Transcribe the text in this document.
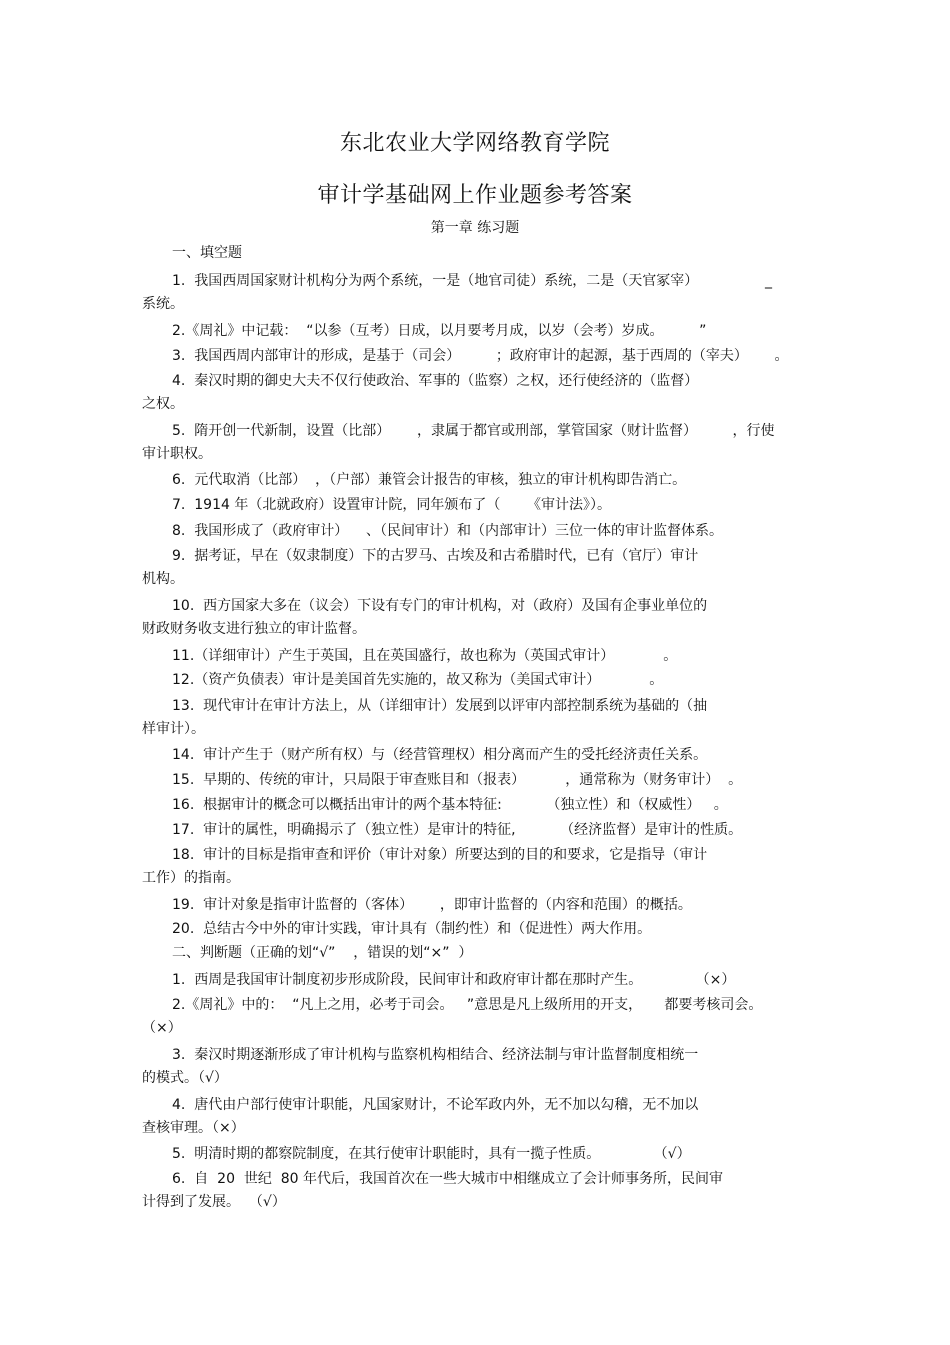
东北农业大学网络教育学院
审计学基础网上作业题参考答案
第一章 练习题
一、填空题
1.  我国西周国家财计机构分为两个系统，一是（地官司徒）系统，二是（天官冢宰）               _
系统。
2.《周礼》中记载：  “以参（互考）日成，以月要考月成，以岁（会考）岁成。        ”
3.  我国西周内部审计的形成，是基于（司会）        ；政府审计的起源，基于西周的（宰夫）      。
4.  秦汉时期的御史大夫不仅行使政治、军事的（监察）之权，还行使经济的（监督）
之权。
5.  隋开创一代新制，设置（比部）      ，隶属于都官或刑部，掌管国家（财计监督）        ，行使
审计职权。
6.  元代取消（比部）  ，（户部）兼管会计报告的审核，独立的审计机构即告消亡。
7.  1914 年（北就政府）设置审计院，同年颁布了（      《审计法》）。
8.  我国形成了（政府审计）    、（民间审计）和（内部审计）三位一体的审计监督体系。
9.  据考证，早在（奴隶制度）下的古罗马、古埃及和古希腊时代，已有（官厅）审计
机构。
10.  西方国家大多在（议会）下设有专门的审计机构，对（政府）及国有企事业单位的
财政财务收支进行独立的审计监督。
11.（详细审计）产生于英国，且在英国盛行，故也称为（英国式审计）           。
12.（资产负债表）审计是美国首先实施的，故又称为（美国式审计）           。
13.  现代审计在审计方法上，从（详细审计）发展到以评审内部控制系统为基础的（抽
样审计）。
14.  审计产生于（财产所有权）与（经营管理权）相分离而产生的受托经济责任关系。
15.  早期的、传统的审计，只局限于审查账目和（报表）         ，通常称为（财务审计）  。
16.  根据审计的概念可以概括出审计的两个基本特征:          （独立性）和（权威性）   。
17.  审计的属性，明确揭示了（独立性）是审计的特征,          （经济监督）是审计的性质。
18.  审计的目标是指审查和评价（审计对象）所要达到的目的和要求，它是指导（审计
工作）的指南。
19.  审计对象是指审计监督的（客体）      ，即审计监督的（内容和范围）的概括。
20.  总结古今中外的审计实践，审计具有（制约性）和（促进性）两大作用。
二、判断题（正确的划“√”    ，错误的划“×”  ）
1.  西周是我国审计制度初步形成阶段，民间审计和政府审计都在那时产生。            （×）
2.《周礼》中的：  “凡上之用，必考于司会。   ”意思是凡上级所用的开支，     都要考核司会。
（×）
3.  秦汉时期逐渐形成了审计机构与监察机构相结合、经济法制与审计监督制度相统一
的模式。（√）
4.  唐代由户部行使审计职能，凡国家财计，不论军政内外，无不加以勾稽，无不加以
查核审理。（×）
5.  明清时期的都察院制度，在其行使审计职能时，具有一揽子性质。            （√）
6.  自  20  世纪  80 年代后，我国首次在一些大城市中相继成立了会计师事务所，民间审
计得到了发展。  （√）
